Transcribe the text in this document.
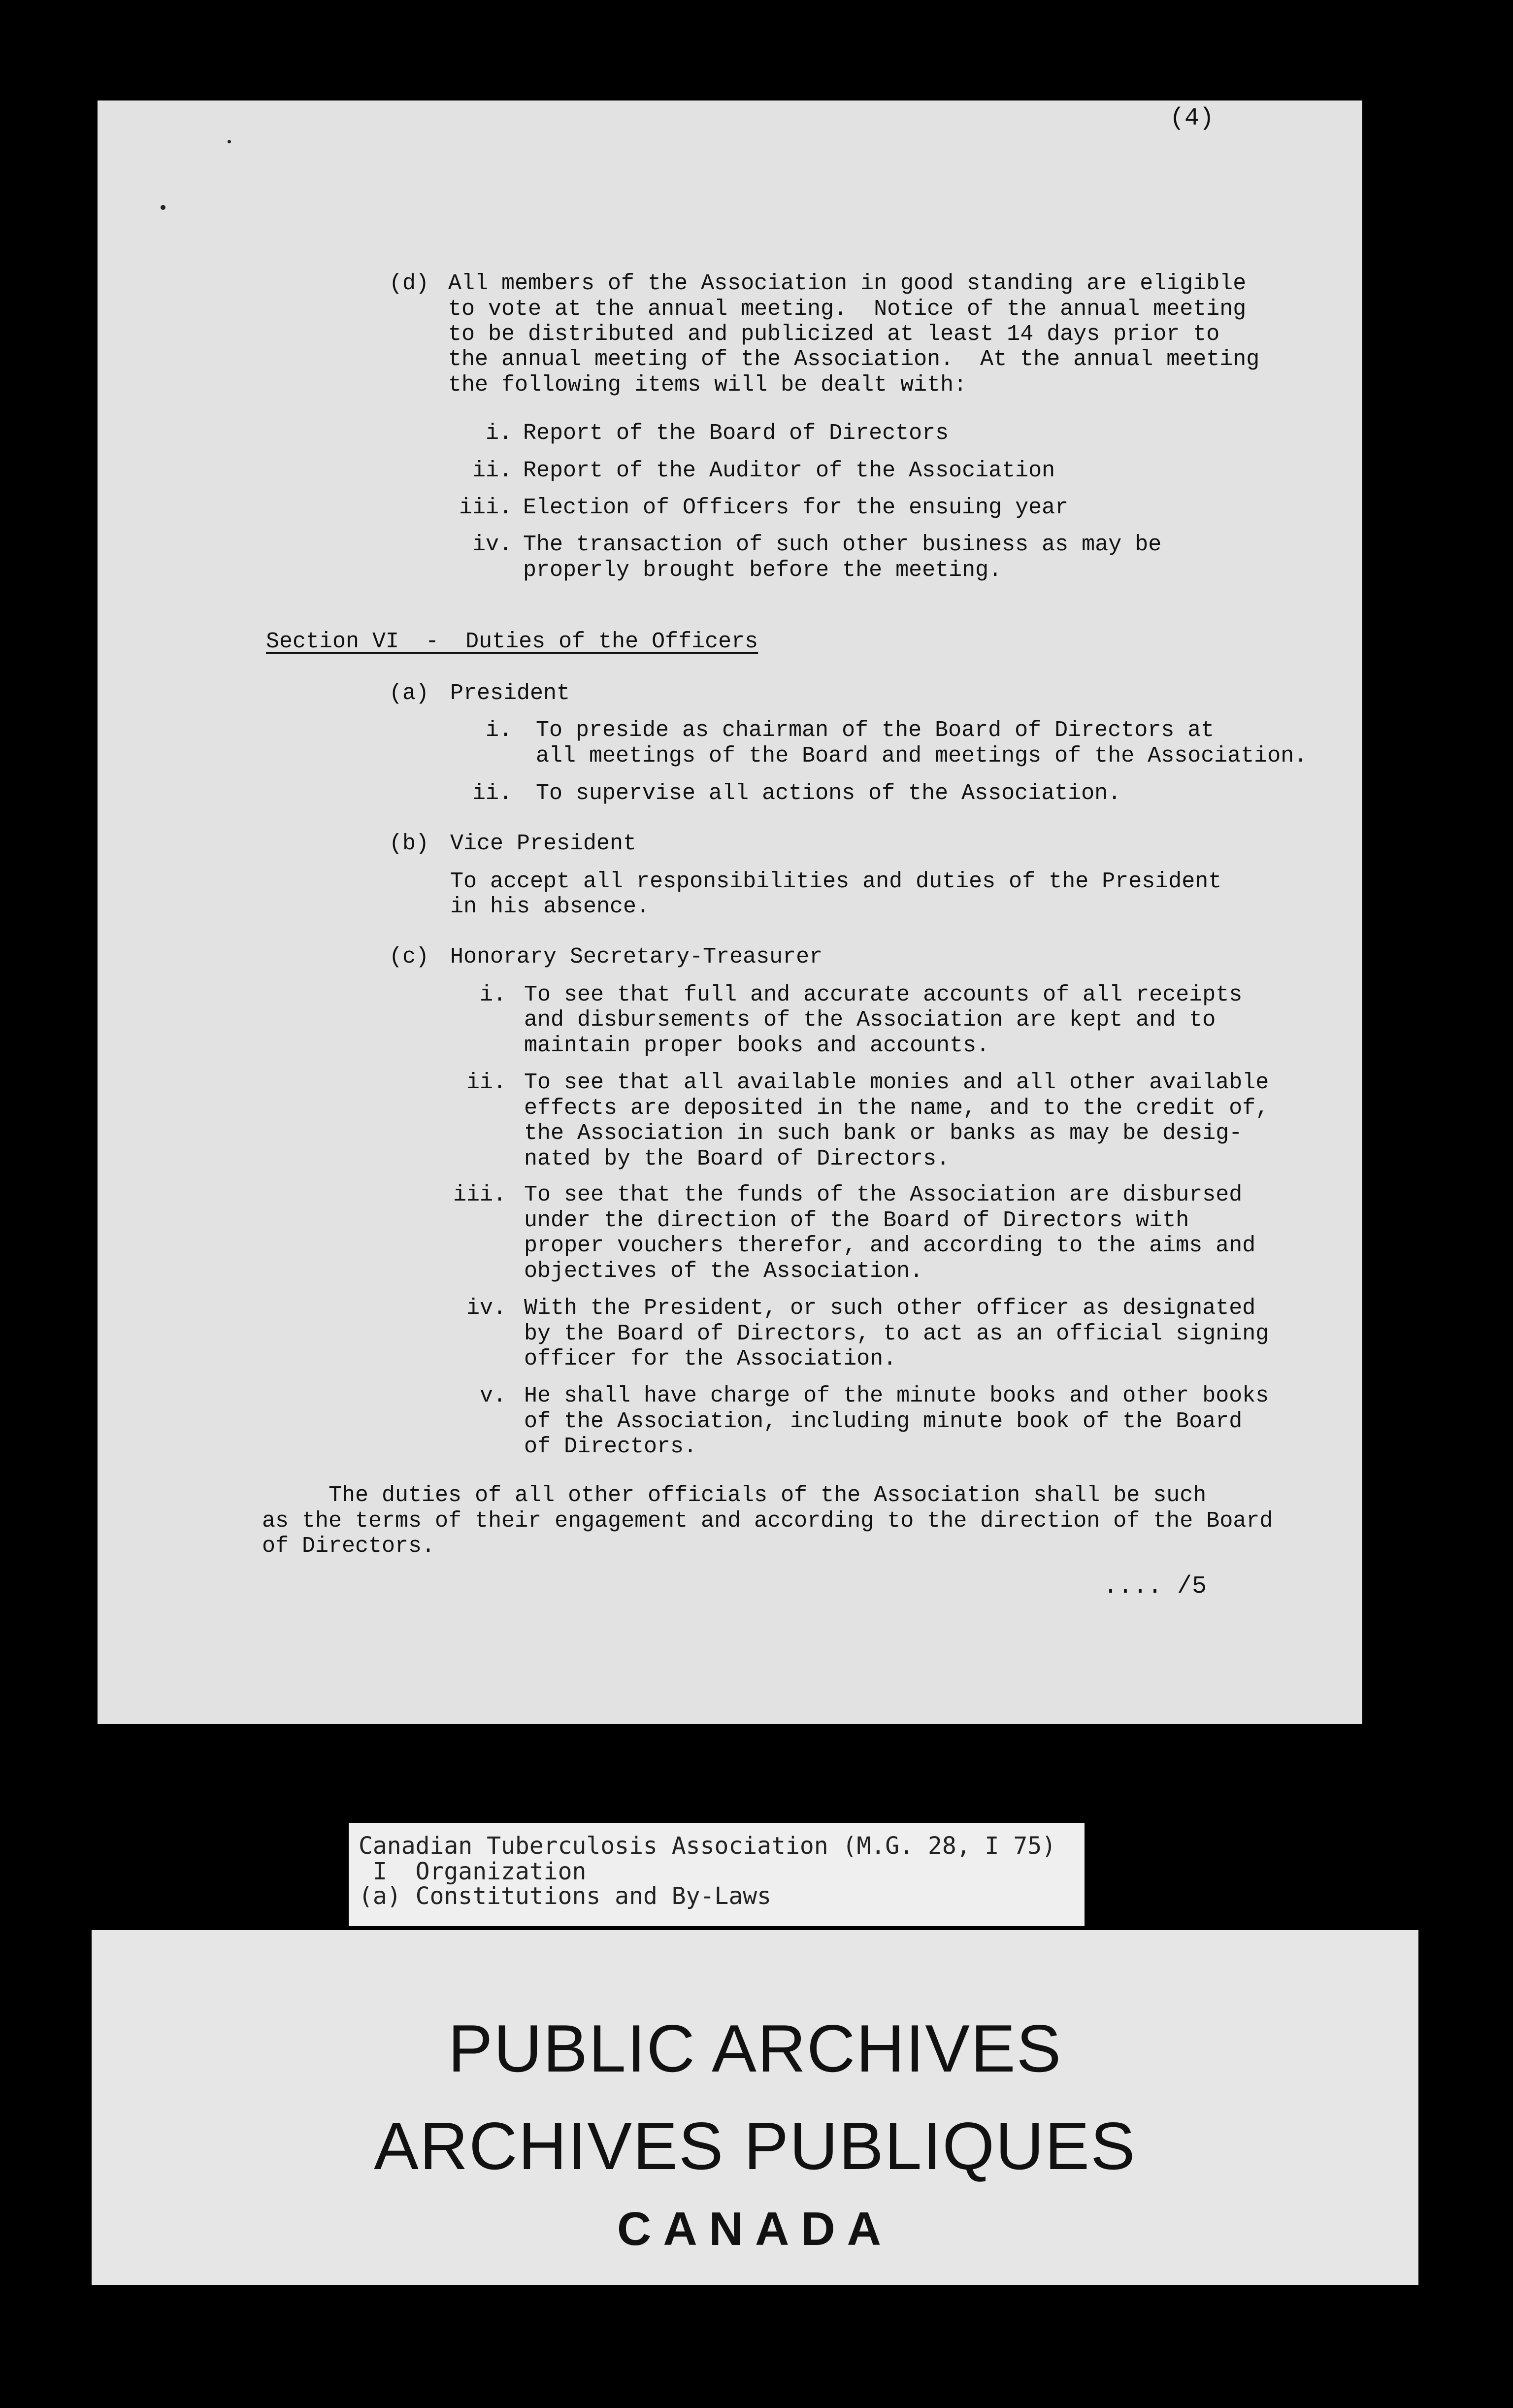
(4)
(d) All members of the Association in good standing are eligible
to vote at the annual meeting.  Notice of the annual meeting
to be distributed and publicized at least 14 days prior to
the annual meeting of the Association.  At the annual meeting
the following items will be dealt with:
i. Report of the Board of Directors
ii. Report of the Auditor of the Association
iii. Election of Officers for the ensuing year
iv. The transaction of such other business as may be
properly brought before the meeting.
Section VI  -  Duties of the Officers
(a) President
i. To preside as chairman of the Board of Directors at
all meetings of the Board and meetings of the Association.
ii. To supervise all actions of the Association.
(b) Vice President
To accept all responsibilities and duties of the President
in his absence.
(c) Honorary Secretary-Treasurer
i. To see that full and accurate accounts of all receipts
and disbursements of the Association are kept and to
maintain proper books and accounts.
ii. To see that all available monies and all other available
effects are deposited in the name, and to the credit of,
the Association in such bank or banks as may be desig-
nated by the Board of Directors.
iii. To see that the funds of the Association are disbursed
under the direction of the Board of Directors with
proper vouchers therefor, and according to the aims and
objectives of the Association.
iv. With the President, or such other officer as designated
by the Board of Directors, to act as an official signing
officer for the Association.
v. He shall have charge of the minute books and other books
of the Association, including minute book of the Board
of Directors.
The duties of all other officials of the Association shall be such
as the terms of their engagement and according to the direction of the Board
of Directors.
.... /5
Canadian Tuberculosis Association (M.G. 28, I 75)
I  Organization
(a) Constitutions and By-Laws
PUBLIC ARCHIVES
ARCHIVES PUBLIQUES
CANADA
